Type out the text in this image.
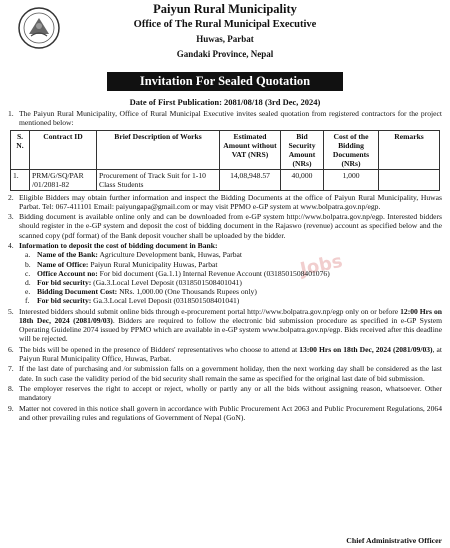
Paiyun Rural Municipality
Office of The Rural Municipal Executive
Huwas, Parbat
Gandaki Province, Nepal
Invitation For Sealed Quotation
Date of First Publication: 2081/08/18 (3rd Dec, 2024)
Jobs
1. The Paiyun Rural Municipality, Office of Rural Municipal Executive invites sealed quotation from registered contractors for the project mentioned below:
S. N.	Contract ID	Brief Description of Works	Estimated Amount without VAT (NRS)	Bid Security Amount (NRs)	Cost of the Bidding Documents (NRs)	Remarks
1.	PRM/G/SQ/PAR /01/2081-82	Procurement of Track Suit for 1-10 Class Students	14,08,948.57	40,000	1,000	
2. Eligible Bidders may obtain further information and inspect the Bidding Documents at the office of Paiyun Rural Municipality, Huwas Parbat. Tel: 067-411101 Email: paiyungapa@gmail.com or may visit PPMO e-GP system at www.bolpatra.gov.np/egp.
3. Bidding document is available online only and can be downloaded from e-GP system http://www.bolpatra.gov.np/egp. Interested bidders should register in the e-GP system and deposit the cost of bidding document in the Rajaswo (revenue) account as specified below and the scanned copy (pdf format) of the Bank deposit voucher shall be uploaded by the bidder.
4. Information to deposit the cost of bidding document in Bank:
a. Name of the Bank: Agriculture Development bank, Huwas, Parbat
b. Name of Office: Paiyun Rural Municipality Huwas, Parbat
c. Office Account no: For bid document (Ga.1.1) Internal Revenue Account (0318501508401076)
d. For bid security: (Ga.3.Local Level Deposit (0318501508401041)
e. Bidding Document Cost: NRs. 1,000.00 (One Thousands Rupees only)
f. For bid security: Ga.3.Local Level Deposit (0318501508401041)
5. Interested bidders should submit online bids through e-procurement portal http://www.bolpatra.gov.np/egp only on or before 12:00 Hrs on 18th Dec, 2024 (2081/09/03). Bidders are required to follow the electronic bid submission procedure as specified in e-GP System Operating Guideline 2074 issued by PPMO which are available in e-GP system www.bolpatra.gov.np/egp. Bids received after this deadline will be rejected.
6. The bids will be opened in the presence of Bidders' representatives who choose to attend at 13:00 Hrs on 18th Dec, 2024 (2081/09/03), at Paiyun Rural Municipality Office, Huwas, Parbat.
7. If the last date of purchasing and /or submission falls on a government holiday, then the next working day shall be considered as the last date. In such case the validity period of the bid security shall remain the same as specified for the original last date of bid submission.
8. The employer reserves the right to accept or reject, wholly or partly any or all the bids without assigning reason, whatsoever. Other mandatory
9. Matter not covered in this notice shall govern in accordance with Public Procurement Act 2063 and Public Procurement Regulations, 2064 and other prevailing rules and regulations of Government of Nepal (GoN).
Chief Administrative Officer
